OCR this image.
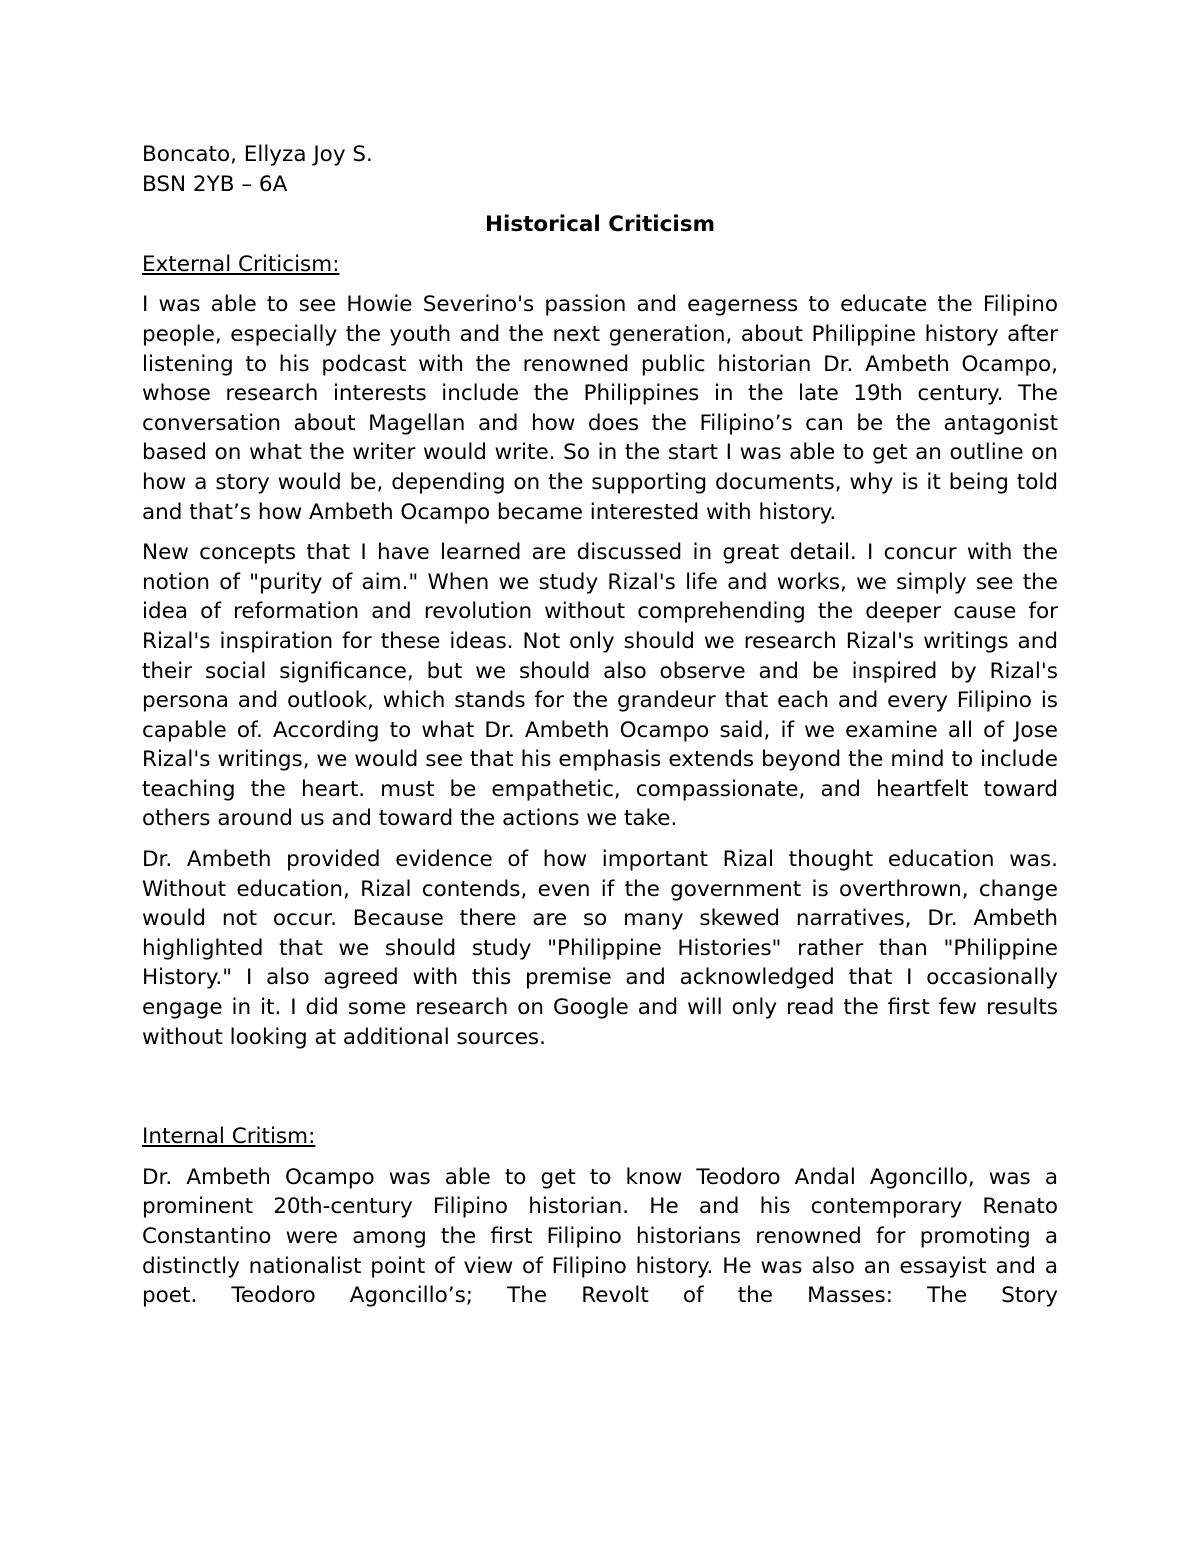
Boncato, Ellyza Joy S.

BSN 2YB – 6A

Historical Criticism

External Criticism:

I was able to see Howie Severino's passion and eagerness to educate the Filipino people, especially the youth and the next generation, about Philippine history after listening to his podcast with the renowned public historian Dr. Ambeth Ocampo, whose research interests include the Philippines in the late 19th century. The conversation about Magellan and how does the Filipino’s can be the antagonist based on what the writer would write. So in the start I was able to get an outline on how a story would be, depending on the supporting documents, why is it being told and that’s how Ambeth Ocampo became interested with history.

New concepts that I have learned are discussed in great detail. I concur with the notion of "purity of aim." When we study Rizal's life and works, we simply see the idea of reformation and revolution without comprehending the deeper cause for Rizal's inspiration for these ideas. Not only should we research Rizal's writings and their social significance, but we should also observe and be inspired by Rizal's persona and outlook, which stands for the grandeur that each and every Filipino is capable of. According to what Dr. Ambeth Ocampo said, if we examine all of Jose Rizal's writings, we would see that his emphasis extends beyond the mind to include teaching the heart. must be empathetic, compassionate, and heartfelt toward others around us and toward the actions we take.

Dr. Ambeth provided evidence of how important Rizal thought education was. Without education, Rizal contends, even if the government is overthrown, change would not occur. Because there are so many skewed narratives, Dr. Ambeth highlighted that we should study "Philippine Histories" rather than "Philippine History." I also agreed with this premise and acknowledged that I occasionally engage in it. I did some research on Google and will only read the first few results without looking at additional sources.

Internal Critism:

Dr. Ambeth Ocampo was able to get to know Teodoro Andal Agoncillo, was a prominent 20th-century Filipino historian. He and his contemporary Renato Constantino were among the first Filipino historians renowned for promoting a distinctly nationalist point of view of Filipino history. He was also an essayist and a poet. Teodoro Agoncillo’s; The Revolt of the Masses: The Story
